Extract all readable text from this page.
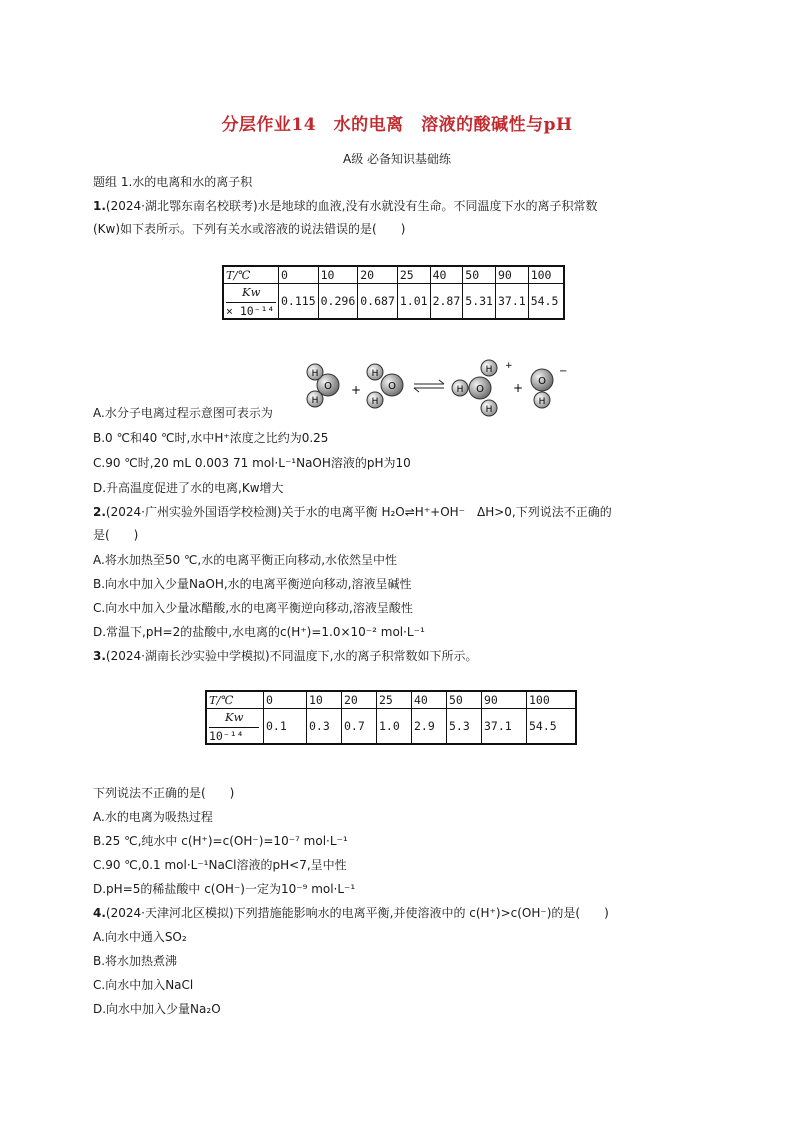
分层作业14　水的电离　溶液的酸碱性与pH
A级 必备知识基础练
题组 1.水的电离和水的离子积
1.(2024·湖北鄂东南名校联考)水是地球的血液,没有水就没有生命。不同温度下水的离子积常数
(Kw)如下表所示。下列有关水或溶液的说法错误的是(　　)
T/℃	0	10	20	25	40	50	90	100

Kw
× 10⁻¹⁴	0.115	0.296	0.687	1.01	2.87	5.31	37.1	54.5
O
H
H
+	O
H
H
O
H
H
H
+
+ O
H
−
A.水分子电离过程示意图可表示为
B.0 ℃和40 ℃时,水中H⁺浓度之比约为0.25
C.90 ℃时,20 mL 0.003 71 mol·L⁻¹NaOH溶液的pH为10
D.升高温度促进了水的电离,Kw增大
2.(2024·广州实验外国语学校检测)关于水的电离平衡 H₂O⇌H⁺+OH⁻　ΔH>0,下列说法不正确的
是(　　)
A.将水加热至50 ℃,水的电离平衡正向移动,水依然呈中性
B.向水中加入少量NaOH,水的电离平衡逆向移动,溶液呈碱性
C.向水中加入少量冰醋酸,水的电离平衡逆向移动,溶液呈酸性
D.常温下,pH=2的盐酸中,水电离的c(H⁺)=1.0×10⁻² mol·L⁻¹
3.(2024·湖南长沙实验中学模拟)不同温度下,水的离子积常数如下所示。
T/℃	0	10	20	25	40	50	90	100

Kw
10⁻¹⁴	0.1	0.3	0.7	1.0	2.9	5.3	37.1	54.5
下列说法不正确的是(　　)
A.水的电离为吸热过程
B.25 ℃,纯水中 c(H⁺)=c(OH⁻)=10⁻⁷ mol·L⁻¹
C.90 ℃,0.1 mol·L⁻¹NaCl溶液的pH<7,呈中性
D.pH=5的稀盐酸中 c(OH⁻)一定为10⁻⁹ mol·L⁻¹
4.(2024·天津河北区模拟)下列措施能影响水的电离平衡,并使溶液中的 c(H⁺)>c(OH⁻)的是(　　)
A.向水中通入SO₂
B.将水加热煮沸
C.向水中加入NaCl
D.向水中加入少量Na₂O
